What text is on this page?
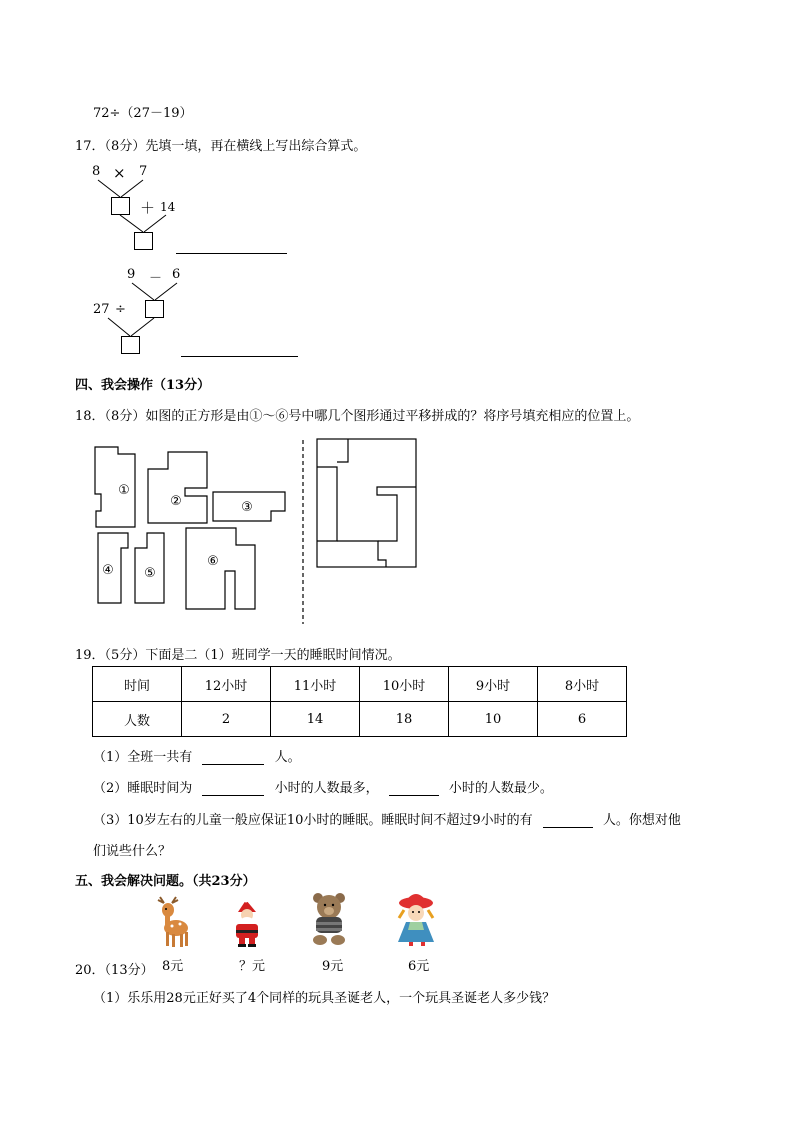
72÷（27－19）
17．（8分）先填一填，再在横线上写出综合算式。
8 × 7
＋ 14
9 － 6
27 ÷
四、我会操作（13分）
18．（8分）如图的正方形是由①～⑥号中哪几个图形通过平移拼成的？将序号填充相应的位置上。
①
②	③
④ ⑤
⑥
19．（5分）下面是二（1）班同学一天的睡眠时间情况。
时间	12小时	11小时	10小时	9小时	8小时
人数	2	14	18	10	6
（1）全班一共有	人。
（2）睡眠时间为	小时的人数最多，	小时的人数最少。
（3）10岁左右的儿童一般应保证10小时的睡眠。睡眠时间不超过9小时的有	人。你想对他
们说些什么？
五、我会解决问题。（共23分）
8元	？元	9元	6元
20．（13分）
（1）乐乐用28元正好买了4个同样的玩具圣诞老人，一个玩具圣诞老人多少钱？
